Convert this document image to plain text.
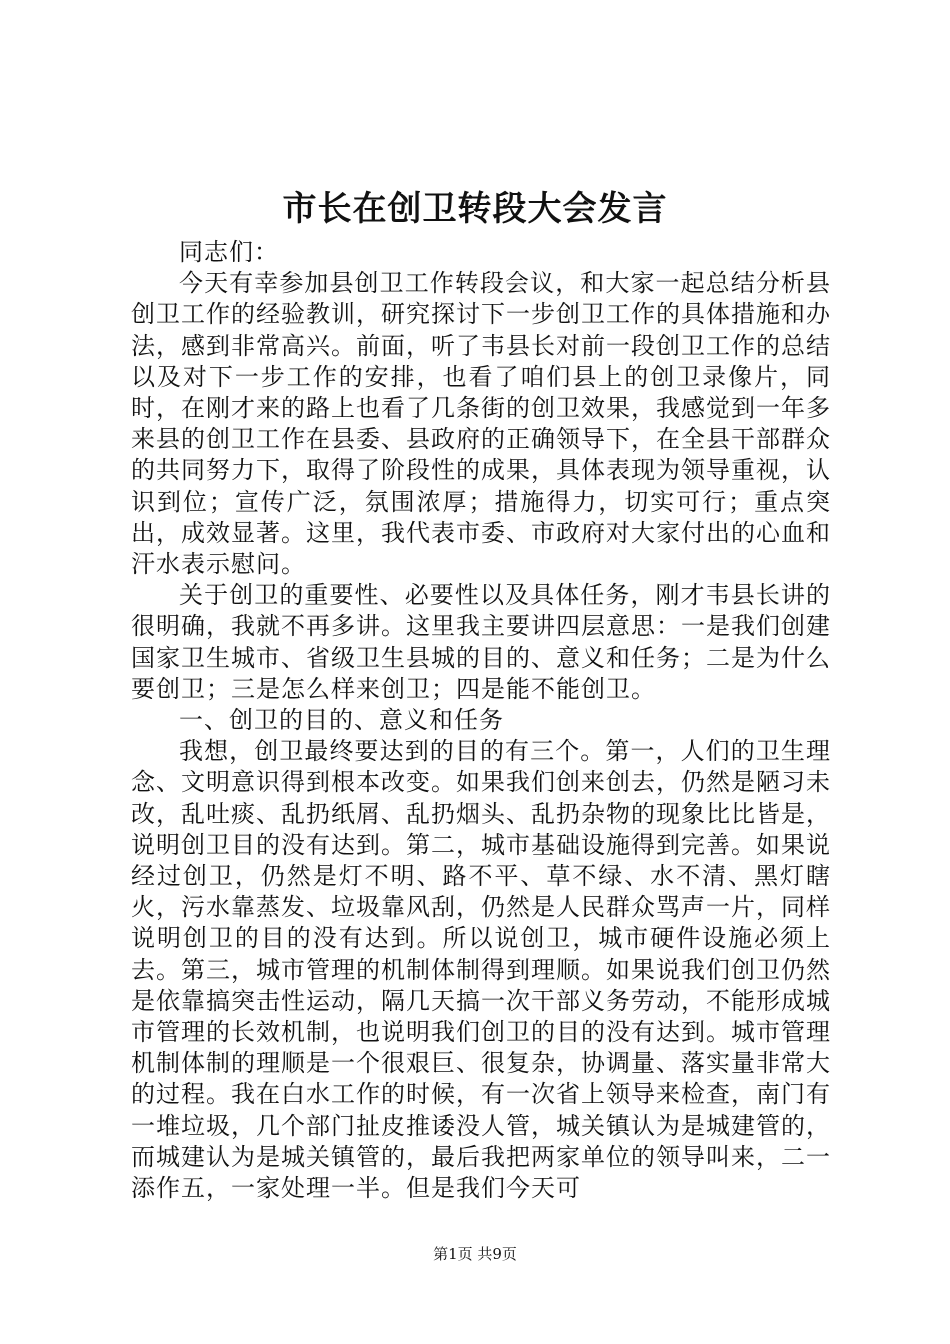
市长在创卫转段大会发言

同志们：

今天有幸参加县创卫工作转段会议，和大家一起总结分析县创卫工作的经验教训，研究探讨下一步创卫工作的具体措施和办法，感到非常高兴。前面，听了韦县长对前一段创卫工作的总结以及对下一步工作的安排，也看了咱们县上的创卫录像片，同时，在刚才来的路上也看了几条街的创卫效果，我感觉到一年多来县的创卫工作在县委、县政府的正确领导下，在全县干部群众的共同努力下，取得了阶段性的成果，具体表现为领导重视，认识到位；宣传广泛，氛围浓厚；措施得力，切实可行；重点突出，成效显著。这里，我代表市委、市政府对大家付出的心血和汗水表示慰问。

关于创卫的重要性、必要性以及具体任务，刚才韦县长讲的很明确，我就不再多讲。这里我主要讲四层意思：一是我们创建国家卫生城市、省级卫生县城的目的、意义和任务；二是为什么要创卫；三是怎么样来创卫；四是能不能创卫。

一、创卫的目的、意义和任务

我想，创卫最终要达到的目的有三个。第一，人们的卫生理念、文明意识得到根本改变。如果我们创来创去，仍然是陋习未改，乱吐痰、乱扔纸屑、乱扔烟头、乱扔杂物的现象比比皆是，说明创卫目的没有达到。第二，城市基础设施得到完善。如果说经过创卫，仍然是灯不明、路不平、草不绿、水不清、黑灯瞎火，污水靠蒸发、垃圾靠风刮，仍然是人民群众骂声一片，同样说明创卫的目的没有达到。所以说创卫，城市硬件设施必须上去。第三，城市管理的机制体制得到理顺。如果说我们创卫仍然是依靠搞突击性运动，隔几天搞一次干部义务劳动，不能形成城市管理的长效机制，也说明我们创卫的目的没有达到。城市管理机制体制的理顺是一个很艰巨、很复杂，协调量、落实量非常大的过程。我在白水工作的时候，有一次省上领导来检查，南门有一堆垃圾，几个部门扯皮推诿没人管，城关镇认为是城建管的，而城建认为是城关镇管的，最后我把两家单位的领导叫来，二一添作五，一家处理一半。但是我们今天可

第1页 共9页
